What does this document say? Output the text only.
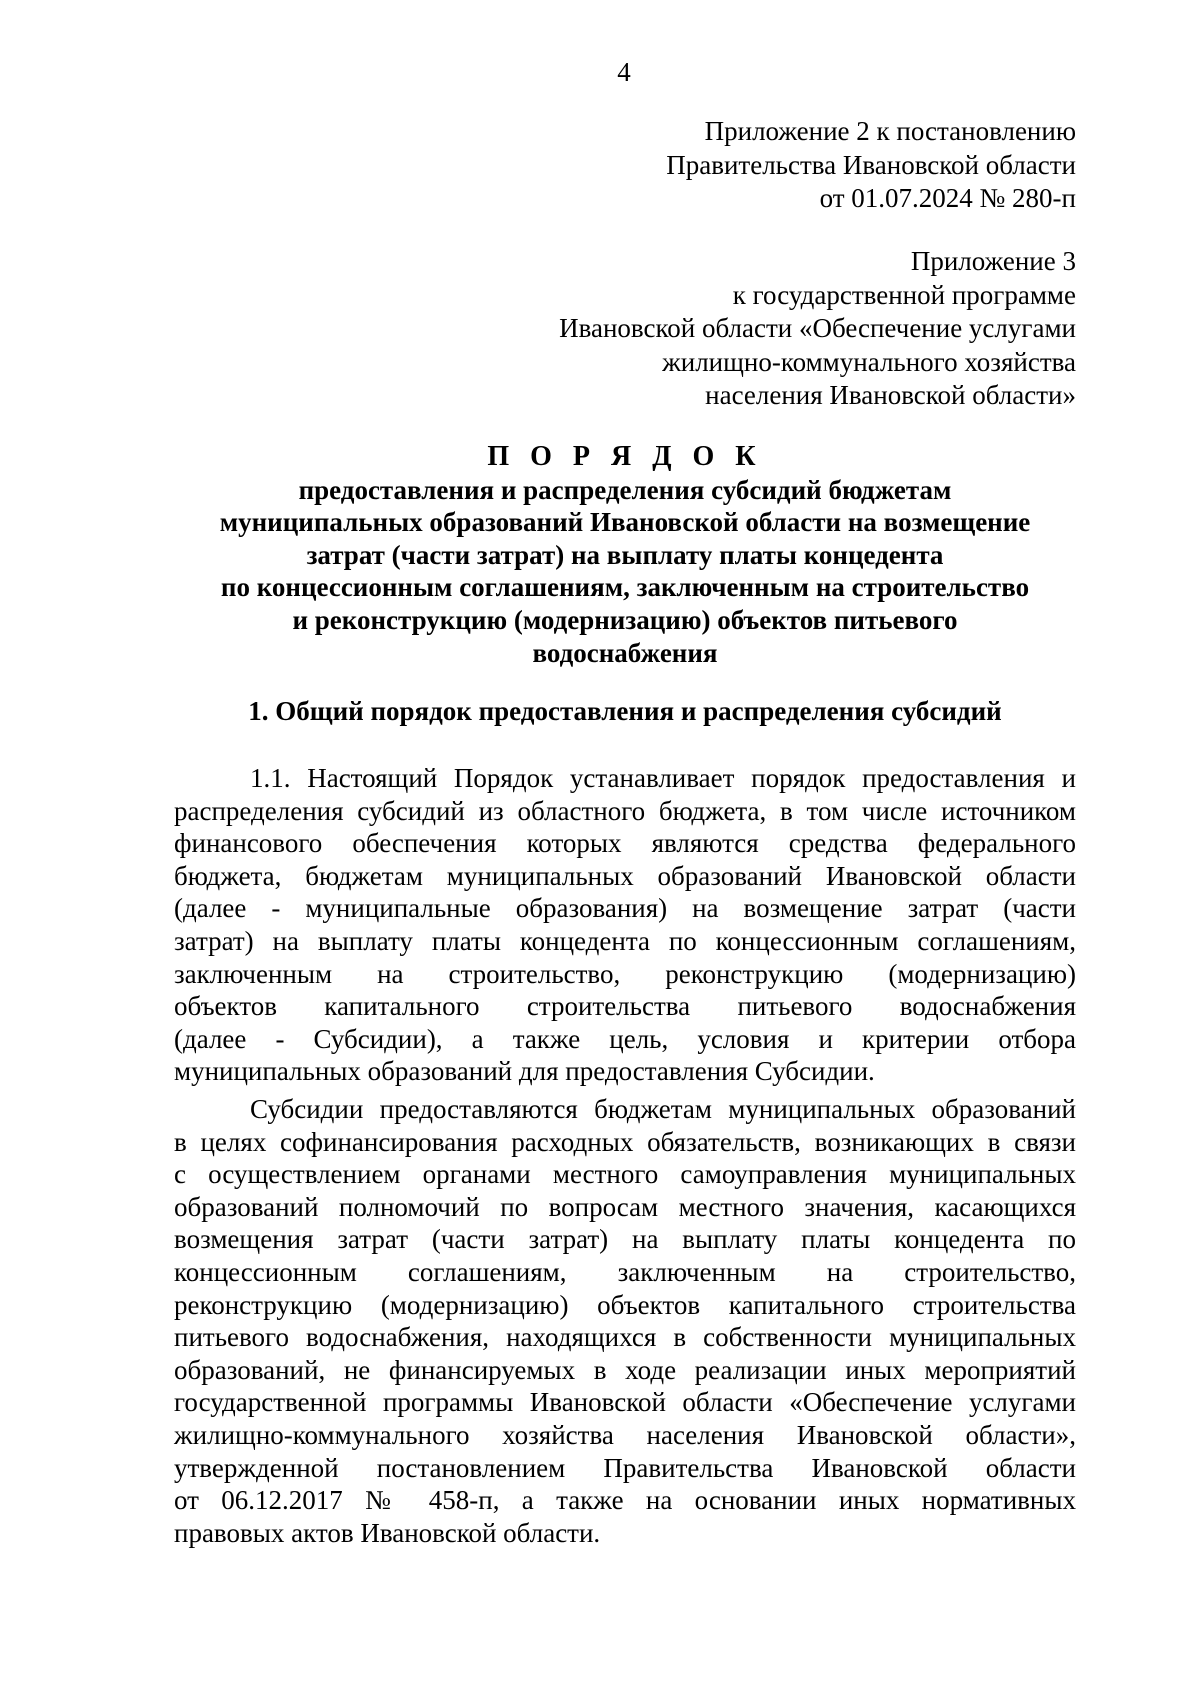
4
Приложение 2 к постановлению
Правительства Ивановской области
от 01.07.2024 № 280-п
Приложение 3
к государственной программе
Ивановской области «Обеспечение услугами
жилищно-коммунального хозяйства
населения Ивановской области»
П О Р Я Д О К
предоставления и распределения субсидий бюджетам
муниципальных образований Ивановской области на возмещение
затрат (части затрат) на выплату платы концедента
по концессионным соглашениям, заключенным на строительство
и реконструкцию (модернизацию) объектов питьевого
водоснабжения
1. Общий порядок предоставления и распределения субсидий
1.1. Настоящий Порядок устанавливает порядок предоставления и
распределения субсидий из областного бюджета, в том числе источником
финансового обеспечения которых являются средства федерального
бюджета, бюджетам муниципальных образований Ивановской области
(далее - муниципальные образования) на возмещение затрат (части
затрат) на выплату платы концедента по концессионным соглашениям,
заключенным на строительство, реконструкцию (модернизацию)
объектов капитального строительства питьевого водоснабжения
(далее - Субсидии), а также цель, условия и критерии отбора
муниципальных образований для предоставления Субсидии.
Субсидии предоставляются бюджетам муниципальных образований
в целях софинансирования расходных обязательств, возникающих в связи
с осуществлением органами местного самоуправления муниципальных
образований полномочий по вопросам местного значения, касающихся
возмещения затрат (части затрат) на выплату платы концедента по
концессионным соглашениям, заключенным на строительство,
реконструкцию (модернизацию) объектов капитального строительства
питьевого водоснабжения, находящихся в собственности муниципальных
образований, не финансируемых в ходе реализации иных мероприятий
государственной программы Ивановской области «Обеспечение услугами
жилищно-коммунального хозяйства населения Ивановской области»,
утвержденной постановлением Правительства Ивановской области
от 06.12.2017 № 458-п, а также на основании иных нормативных
правовых актов Ивановской области.
